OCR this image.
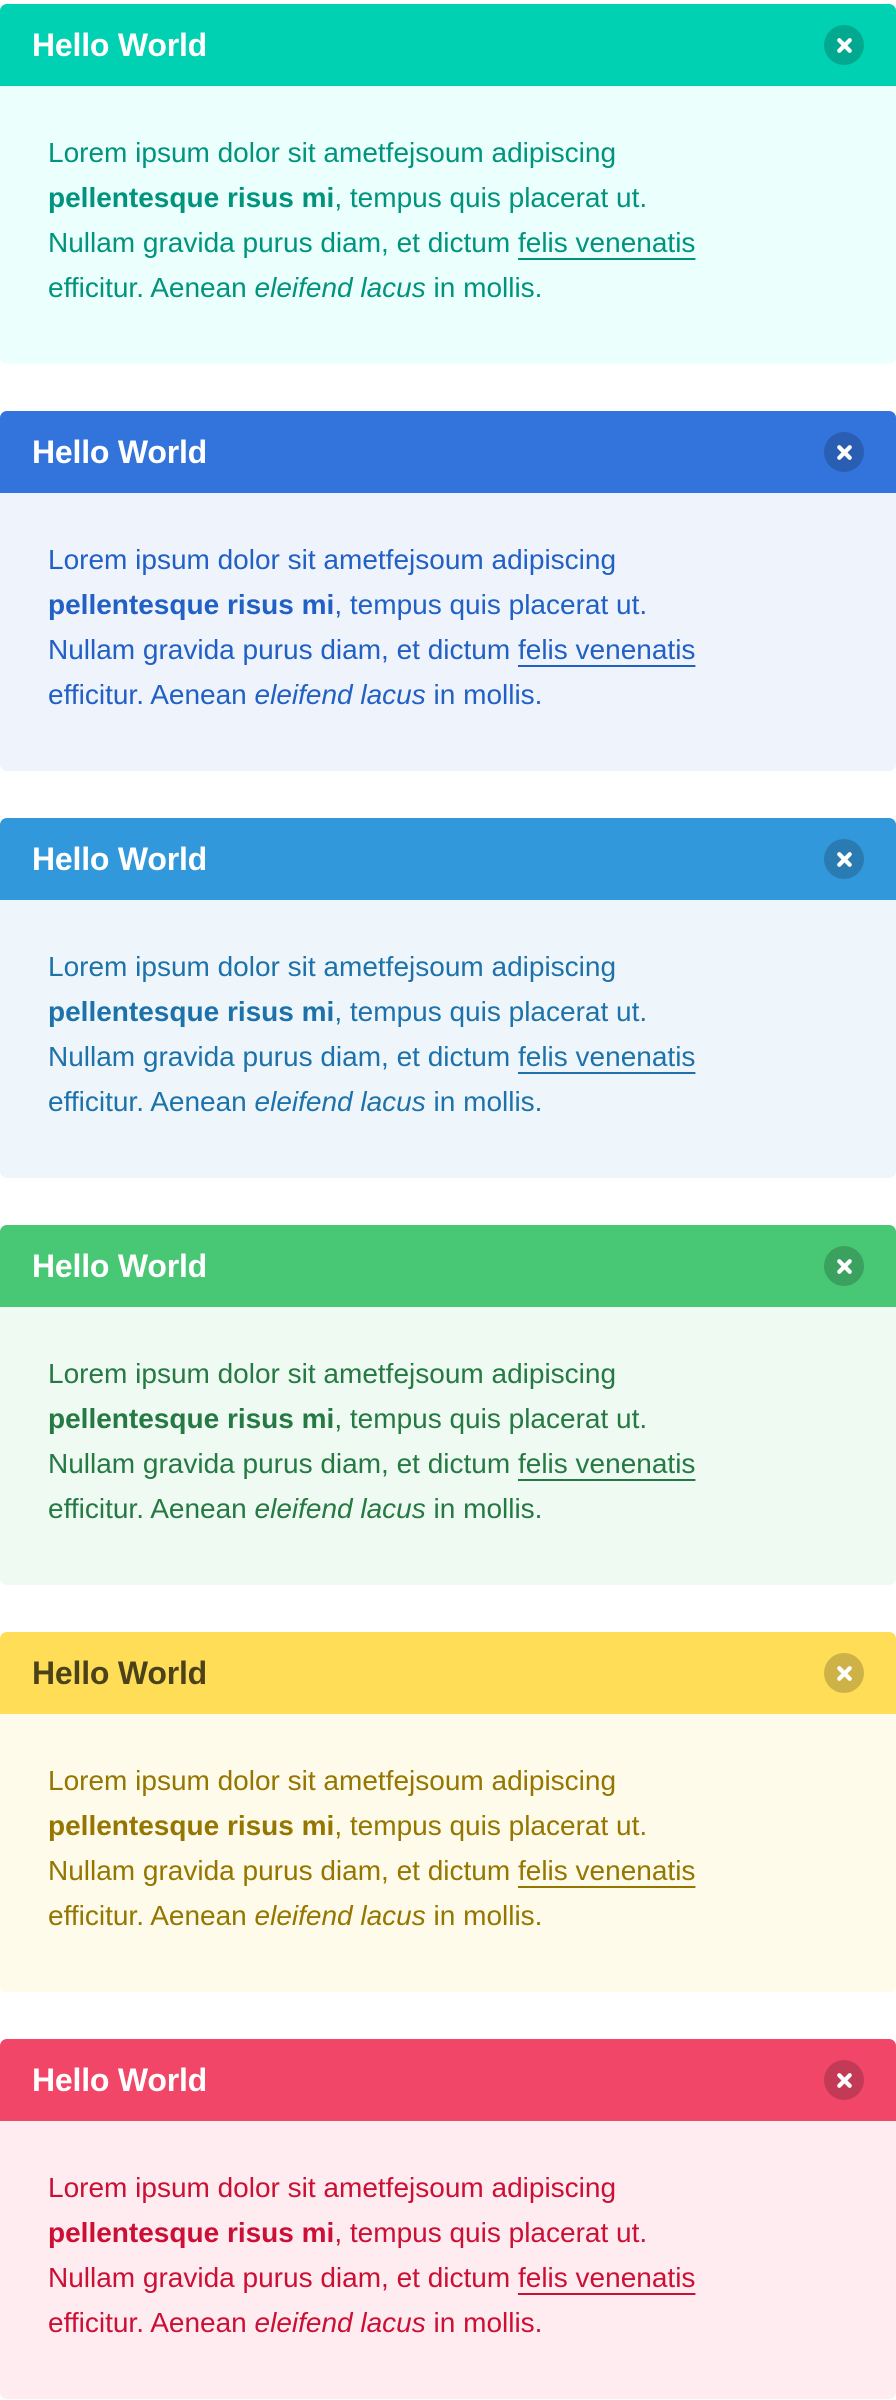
Hello World
Lorem ipsum dolor sit ametfejsoum adipiscing
pellentesque risus mi, tempus quis placerat ut.
Nullam gravida purus diam, et dictum felis venenatis
efficitur. Aenean eleifend lacus in mollis.
Hello World
Lorem ipsum dolor sit ametfejsoum adipiscing
pellentesque risus mi, tempus quis placerat ut.
Nullam gravida purus diam, et dictum felis venenatis
efficitur. Aenean eleifend lacus in mollis.
Hello World
Lorem ipsum dolor sit ametfejsoum adipiscing
pellentesque risus mi, tempus quis placerat ut.
Nullam gravida purus diam, et dictum felis venenatis
efficitur. Aenean eleifend lacus in mollis.
Hello World
Lorem ipsum dolor sit ametfejsoum adipiscing
pellentesque risus mi, tempus quis placerat ut.
Nullam gravida purus diam, et dictum felis venenatis
efficitur. Aenean eleifend lacus in mollis.
Hello World
Lorem ipsum dolor sit ametfejsoum adipiscing
pellentesque risus mi, tempus quis placerat ut.
Nullam gravida purus diam, et dictum felis venenatis
efficitur. Aenean eleifend lacus in mollis.
Hello World
Lorem ipsum dolor sit ametfejsoum adipiscing
pellentesque risus mi, tempus quis placerat ut.
Nullam gravida purus diam, et dictum felis venenatis
efficitur. Aenean eleifend lacus in mollis.
